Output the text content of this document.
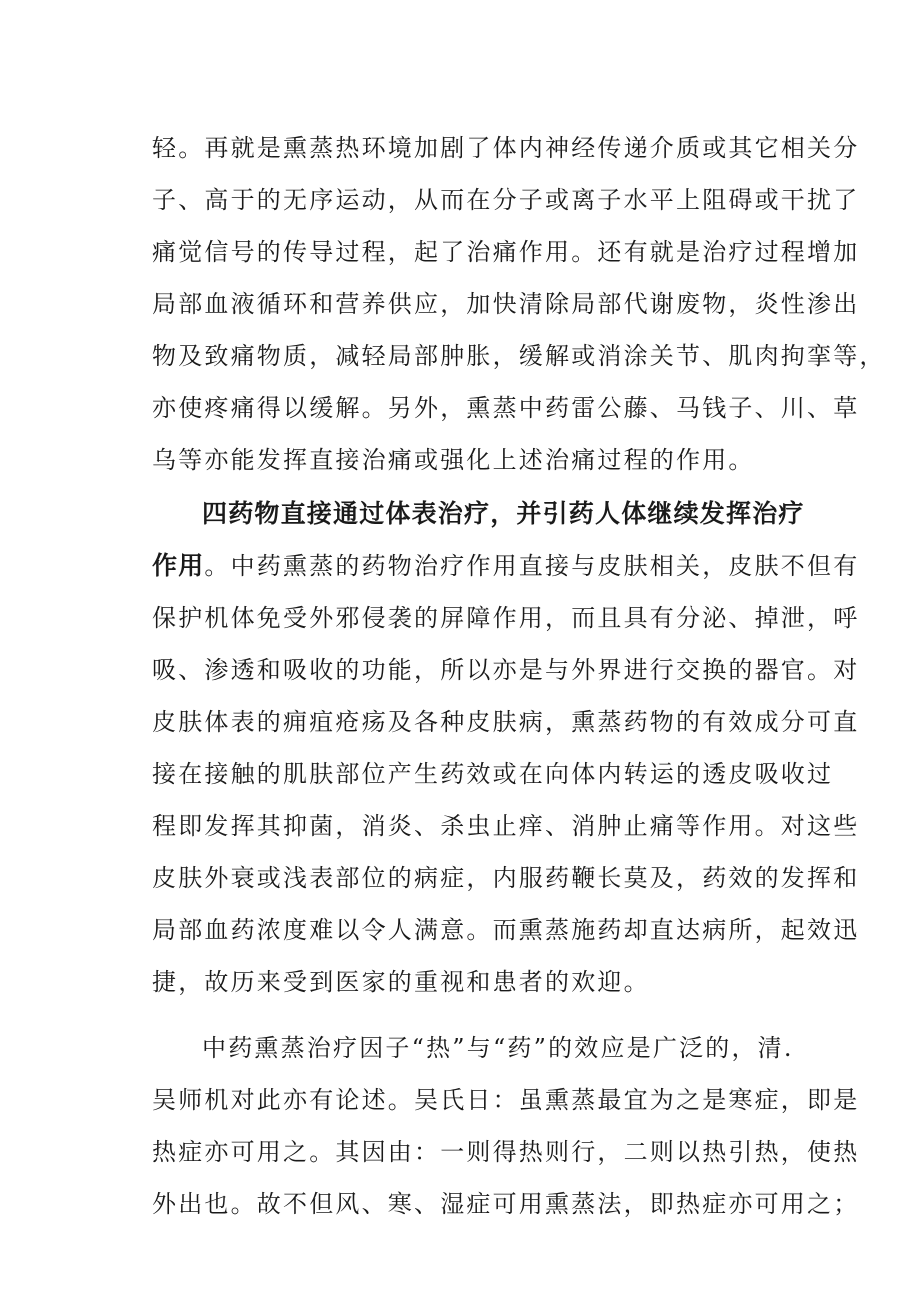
轻。再就是熏蒸热环境加剧了体内神经传递介质或其它相关分
子、高于的无序运动，从而在分子或离子水平上阻碍或干扰了
痛觉信号的传导过程，起了治痛作用。还有就是治疗过程增加
局部血液循环和营养供应，加快清除局部代谢废物，炎性渗出
物及致痛物质，减轻局部肿胀，缓解或消涂关节、肌肉拘挛等，
亦使疼痛得以缓解。另外，熏蒸中药雷公藤、马钱子、川、草
乌等亦能发挥直接治痛或强化上述治痛过程的作用。
四药物直接通过体表治疗，并引药人体继续发挥治疗
作用。中药熏蒸的药物治疗作用直接与皮肤相关，皮肤不但有
保护机体免受外邪侵袭的屏障作用，而且具有分泌、掉泄，呼
吸、渗透和吸收的功能，所以亦是与外界进行交换的器官。对
皮肤体表的痈疽疮疡及各种皮肤病，熏蒸药物的有效成分可直
接在接触的肌肤部位产生药效或在向体内转运的透皮吸收过
程即发挥其抑菌，消炎、杀虫止痒、消肿止痛等作用。对这些
皮肤外衰或浅表部位的病症，内服药鞭长莫及，药效的发挥和
局部血药浓度难以令人满意。而熏蒸施药却直达病所，起效迅
捷，故历来受到医家的重视和患者的欢迎。
中药熏蒸治疗因子“热”与“药”的效应是广泛的，清.
吴师机对此亦有论述。吴氏日：虽熏蒸最宜为之是寒症，即是
热症亦可用之。其因由：一则得热则行，二则以热引热，使热
外出也。故不但风、寒、湿症可用熏蒸法，即热症亦可用之；
